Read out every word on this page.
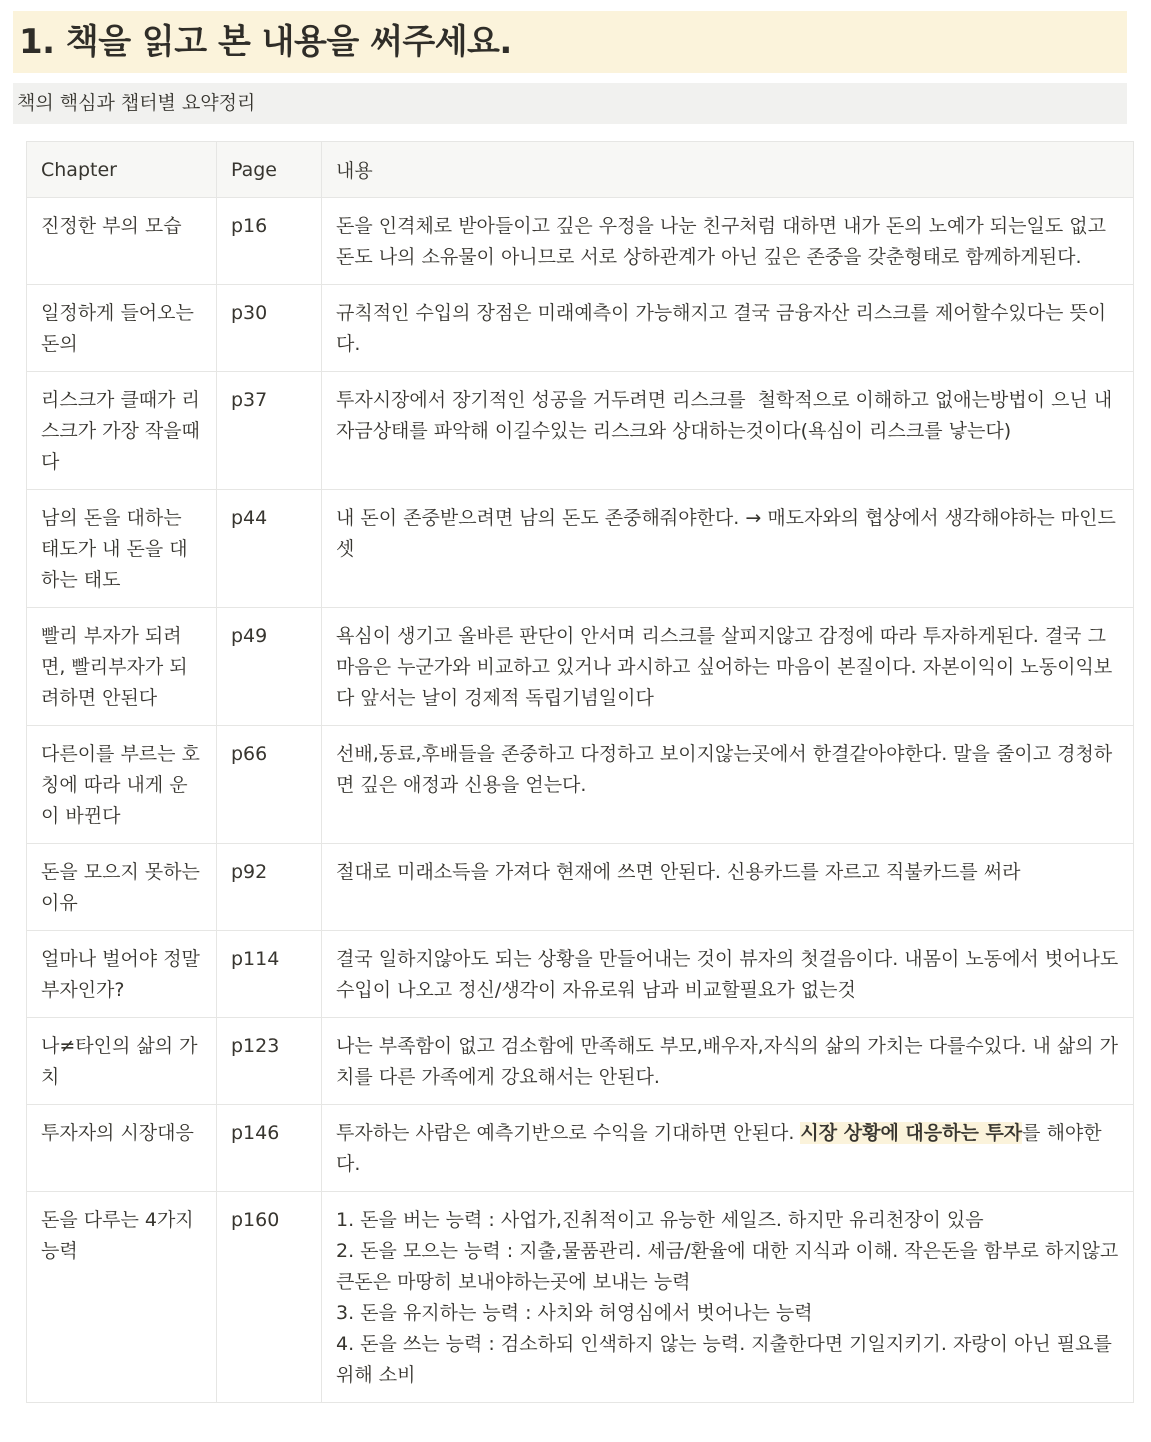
1. 책을 읽고 본 내용을 써주세요.
책의 핵심과 챕터별 요약정리
Chapter	Page	내용
진정한 부의 모습	p16	돈을 인격체로 받아들이고 깊은 우정을 나눈 친구처럼 대하면 내가 돈의 노예가 되는일도 없고 돈도 나의 소유물이 아니므로 서로 상하관계가 아닌 깊은 존중을 갖춘형태로 함께하게된다.
일정하게 들어오는 돈의	p30	규칙적인 수입의 장점은 미래예측이 가능해지고 결국 금융자산 리스크를 제어할수있다는 뜻이다.
리스크가 클때가 리스크가 가장 작을때다	p37	투자시장에서 장기적인 성공을 거두려면 리스크를  철학적으로 이해하고 없애는방법이 으닌 내 자금상태를 파악해 이길수있는 리스크와 상대하는것이다(욕심이 리스크를 낳는다)
남의 돈을 대하는 태도가 내 돈을 대하는 태도	p44	내 돈이 존중받으려면 남의 돈도 존중해줘야한다. → 매도자와의 협상에서 생각해야하는 마인드셋
빨리 부자가 되려면, 빨리부자가 되려하면 안된다	p49	욕심이 생기고 올바른 판단이 안서며 리스크를 살피지않고 감정에 따라 투자하게된다. 결국 그마음은 누군가와 비교하고 있거나 과시하고 싶어하는 마음이 본질이다. 자본이익이 노동이익보다 앞서는 날이 겅제적 독립기념일이다
다른이를 부르는 호칭에 따라 내게 운이 바뀐다	p66	선배,동료,후배들을 존중하고 다정하고 보이지않는곳에서 한결같아야한다. 말을 줄이고 경청하면 깊은 애정과 신용을 얻는다.
돈을 모으지 못하는 이유	p92	절대로 미래소득을 가져다 현재에 쓰면 안된다. 신용카드를 자르고 직불카드를 써라
얼마나 벌어야 정말 부자인가?	p114	결국 일하지않아도 되는 상황을 만들어내는 것이 뷰자의 첫걸음이다. 내몸이 노동에서 벗어나도 수입이 나오고 정신/생각이 자유로워 남과 비교할필요가 없는것
나≠타인의 삶의 가치	p123	나는 부족함이 없고 검소함에 만족해도 부모,배우자,자식의 삶의 가치는 다를수있다. 내 삶의 가치를 다른 가족에게 강요해서는 안된다.
투자자의 시장대응	p146	투자하는 사람은 예측기반으로 수익을 기대하면 안된다. 시장 상황에 대응하는 투자를 해야한다.
돈을 다루는 4가지 능력	p160	1. 돈을 버는 능력 : 사업가,진취적이고 유능한 세일즈. 하지만 유리천장이 있음
2. 돈을 모으는 능력 : 지출,물품관리. 세금/환율에 대한 지식과 이해. 작은돈을 함부로 하지않고 큰돈은 마땅히 보내야하는곳에 보내는 능력
3. 돈을 유지하는 능력 : 사치와 허영심에서 벗어나는 능력
4. 돈을 쓰는 능력 : 검소하되 인색하지 않는 능력. 지출한다면 기일지키기. 자랑이 아닌 필요를 위해 소비
